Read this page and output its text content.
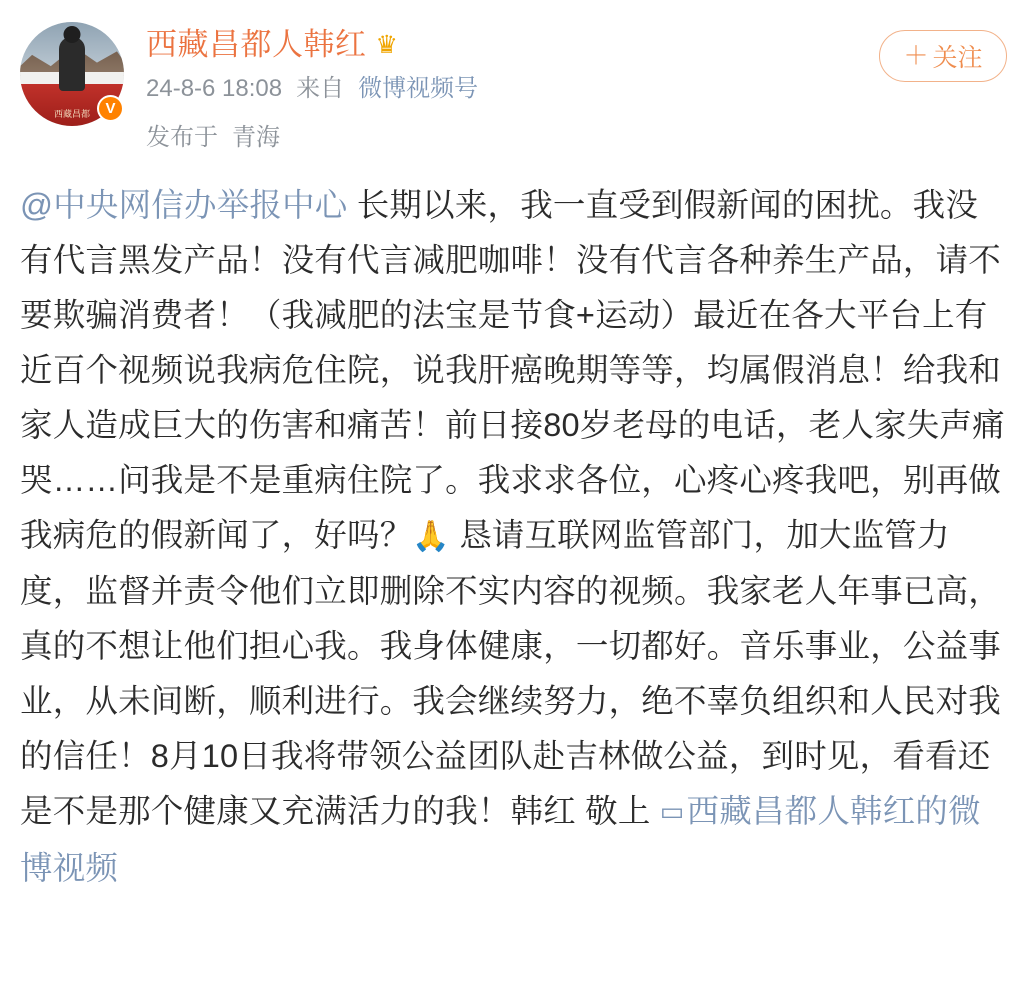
西藏昌都	V
西藏昌都人韩红 ♛
24-8-6 18:08 来自 微博视频号
发布于 青海
＋ 关注
@中央网信办举报中心 长期以来，我一直受到假新闻的困扰。我没有代言黑发产品！没有代言减肥咖啡！没有代言各种养生产品，请不要欺骗消费者！（我减肥的法宝是节食+运动）最近在各大平台上有近百个视频说我病危住院，说我肝癌晚期等等，均属假消息！给我和家人造成巨大的伤害和痛苦！前日接80岁老母的电话，老人家失声痛哭……问我是不是重病住院了。我求求各位，心疼心疼我吧，别再做我病危的假新闻了，好吗？🙏 恳请互联网监管部门，加大监管力度，监督并责令他们立即删除不实内容的视频。我家老人年事已高，真的不想让他们担心我。我身体健康，一切都好。音乐事业，公益事业，从未间断，顺利进行。我会继续努力，绝不辜负组织和人民对我的信任！8月10日我将带领公益团队赴吉林做公益，到时见，看看还是不是那个健康又充满活力的我！韩红 敬上 ▭西藏昌都人韩红的微博视频
